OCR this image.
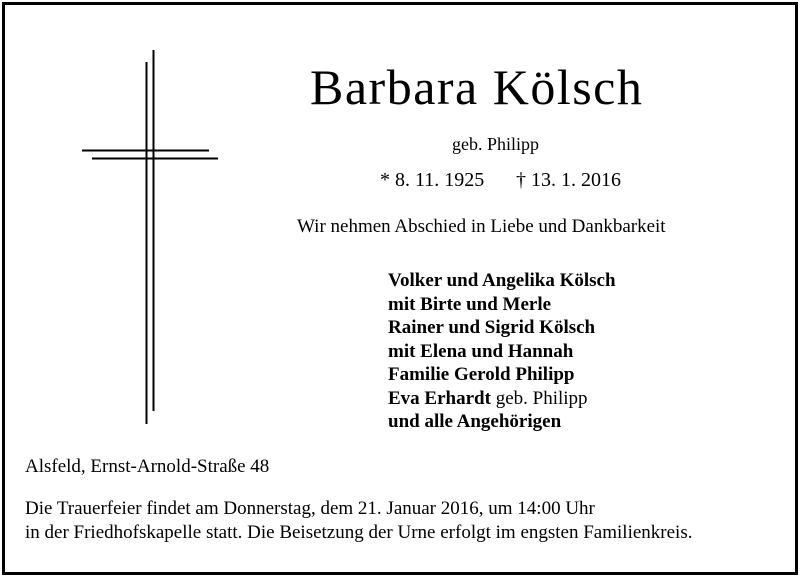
Barbara Kölsch
geb. Philipp
* 8. 11. 1925 † 13. 1. 2016
Wir nehmen Abschied in Liebe und Dankbarkeit
Volker und Angelika Kölsch
mit Birte und Merle
Rainer und Sigrid Kölsch
mit Elena und Hannah
Familie Gerold Philipp
Eva Erhardt geb. Philipp
und alle Angehörigen
Alsfeld, Ernst-Arnold-Straße 48
Die Trauerfeier findet am Donnerstag, dem 21. Januar 2016, um 14:00 Uhr
in der Friedhofskapelle statt. Die Beisetzung der Urne erfolgt im engsten Familienkreis.
